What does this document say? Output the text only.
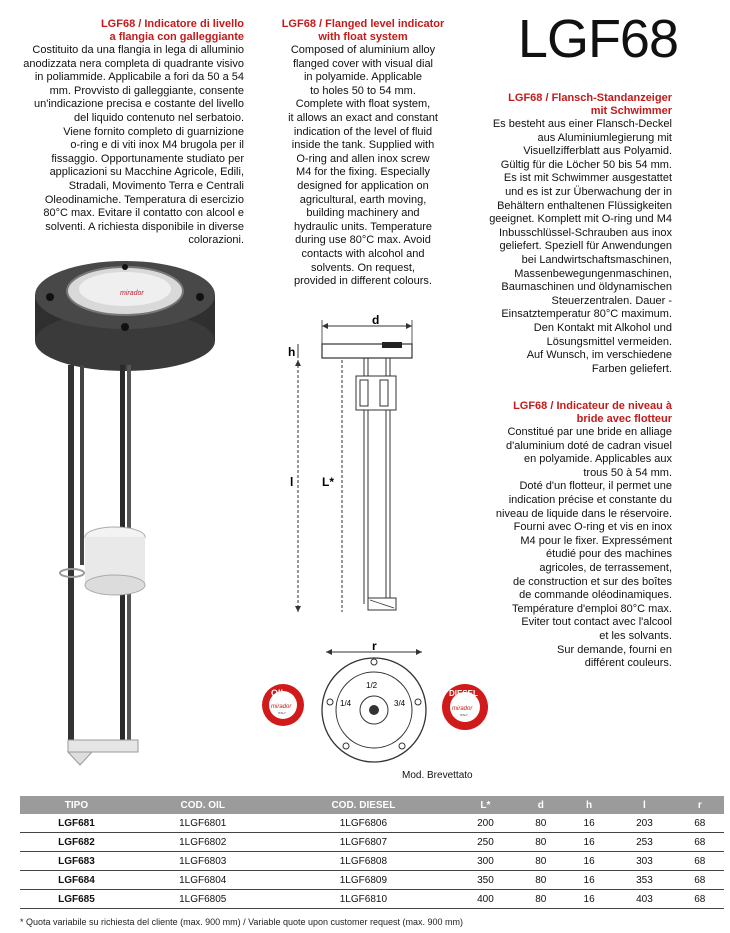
LGF68
LGF68 / Indicatore di livello
a flangia con galleggiante
Costituito da una flangia in lega di alluminio
anodizzata nera completa di quadrante visivo
in poliammide. Applicabile a fori da 50 a 54
mm. Provvisto di galleggiante, consente
un'indicazione precisa e costante del livello
del liquido contenuto nel serbatoio.
Viene fornito completo di guarnizione
o-ring e di viti inox M4 brugola per il
fissaggio. Opportunamente studiato per
applicazioni su Macchine Agricole, Edili,
Stradali, Movimento Terra e Centrali
Oleodinamiche. Temperatura di esercizio
80°C max. Evitare il contatto con alcool e
solventi. A richiesta disponibile in diverse
colorazioni.
LGF68 / Flanged level indicator
with float system
Composed of aluminium alloy
flanged cover with visual dial
in polyamide. Applicable
to holes 50 to 54 mm.
Complete with float system,
it allows an exact and constant
indication of the level of fluid
inside the tank. Supplied with
O-ring and allen inox screw
M4 for the fixing. Especially
designed for application on
agricultural, earth moving,
building machinery and
hydraulic units. Temperature
during use 80°C max. Avoid
contacts with alcohol and
solvents. On request,
provided in different colours.
LGF68 / Flansch-Standanzeiger
mit Schwimmer
Es besteht aus einer Flansch-Deckel
aus Aluminiumlegierung mit
Visuellzifferblatt aus Polyamid.
Gültig für die Löcher 50 bis 54 mm.
Es ist mit Schwimmer ausgestattet
und es ist zur Überwachung der in
Behältern enthaltenen Flüssigkeiten
geeignet. Komplett mit O-ring und M4
Inbusschlüssel-Schrauben aus inox
geliefert. Speziell für Anwendungen
bei Landwirtschaftsmaschinen,
Massenbewegungenmaschinen,
Baumaschinen und öldynamischen
Steuerzentralen. Dauer -
Einsatztemperatur 80°C maximum.
Den Kontakt mit Alkohol und
Lösungsmittel vermeiden.
Auf Wunsch, im verschiedene
Farben geliefert.
LGF68 / Indicateur de niveau à
bride avec flotteur
Constitué par une bride en alliage
d'aluminium doté de cadran visuel
en polyamide. Applicables aux
trous 50 à 54 mm.
Doté d'un flotteur, il permet une
indication précise et constante du
niveau de liquide dans le réservoire.
Fourni avec O-ring et vis en inox
M4 pour le fixer. Expressément
étudié pour des machines
agricoles, de terrassement,
de construction et sur des boîtes
de commande oléodinamiques.
Température d'emploi 80°C max.
Eviter tout contact avec l'alcool
et les solvants.
Sur demande, fourni en
différent couleurs.
mirador
d
h
l L*
r
1/2
1/4	3/4
OIL
mirador
ITALY
DIESEL
mirador
ITALY
Mod. Brevettato
TIPO	COD. OIL	COD. DIESEL	L*	d	h	l	r
LGF681	1LGF6801	1LGF6806	200	80	16	203	68
LGF682	1LGF6802	1LGF6807	250	80	16	253	68
LGF683	1LGF6803	1LGF6808	300	80	16	303	68
LGF684	1LGF6804	1LGF6809	350	80	16	353	68
LGF685	1LGF6805	1LGF6810	400	80	16	403	68
* Quota variabile su richiesta del cliente (max. 900 mm) / Variable quote upon customer request (max. 900 mm)
